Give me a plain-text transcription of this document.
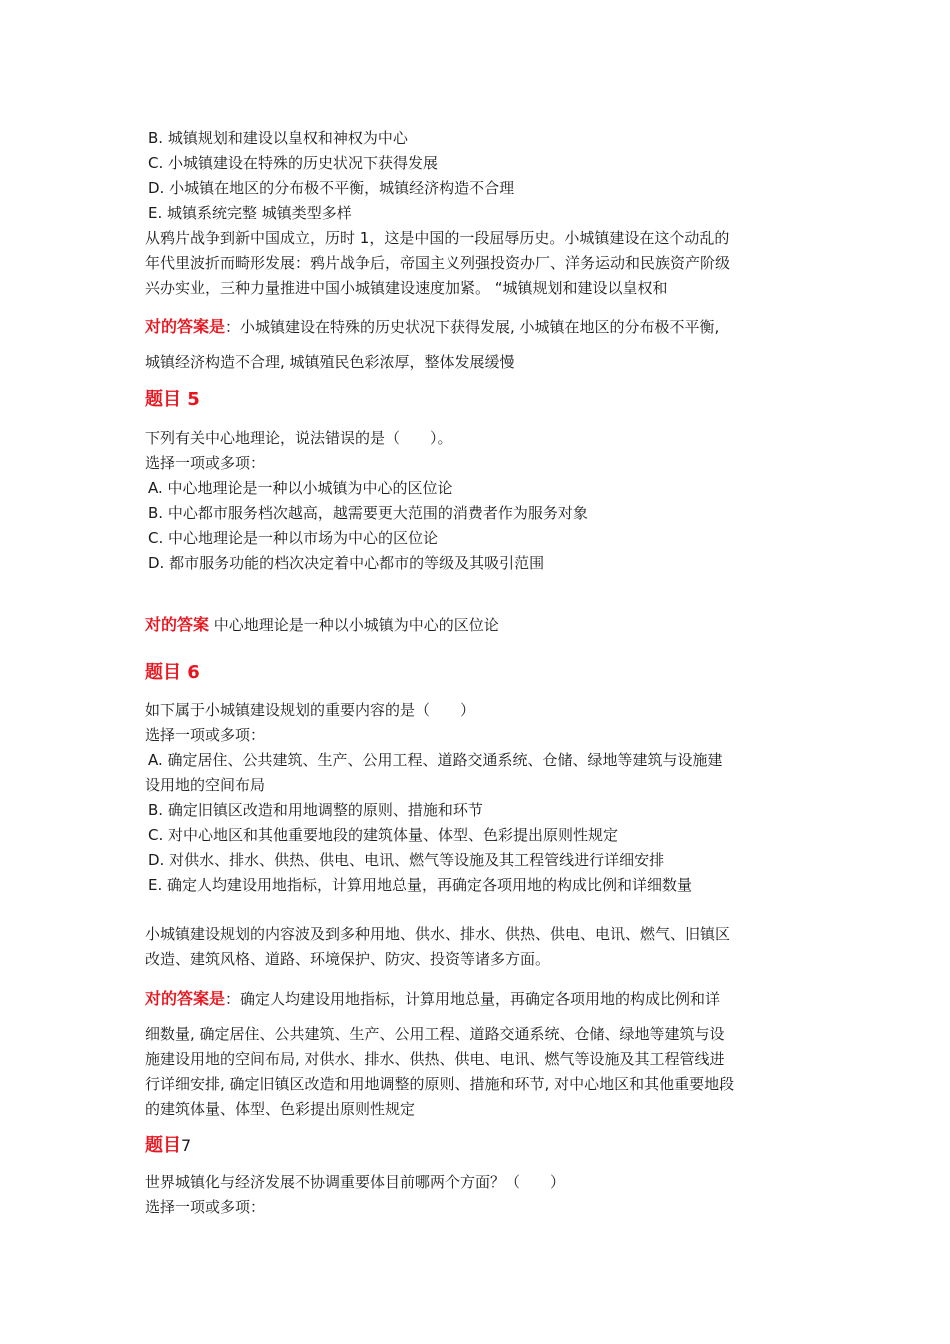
B. 城镇规划和建设以皇权和神权为中心
C. 小城镇建设在特殊的历史状况下获得发展
D. 小城镇在地区的分布极不平衡，城镇经济构造不合理
E. 城镇系统完整 城镇类型多样
从鸦片战争到新中国成立，历时 1，这是中国的一段屈辱历史。小城镇建设在这个动乱的
年代里波折而畸形发展：鸦片战争后，帝国主义列强投资办厂、洋务运动和民族资产阶级
兴办实业，三种力量推进中国小城镇建设速度加紧。 “城镇规划和建设以皇权和
对的答案是：小城镇建设在特殊的历史状况下获得发展, 小城镇在地区的分布极不平衡,
城镇经济构造不合理, 城镇殖民色彩浓厚，整体发展缓慢
题目 5
下列有关中心地理论，说法错误的是（　　）。
选择一项或多项：
A. 中心地理论是一种以小城镇为中心的区位论
B. 中心都市服务档次越高，越需要更大范围的消费者作为服务对象
C. 中心地理论是一种以市场为中心的区位论
D. 都市服务功能的档次决定着中心都市的等级及其吸引范围
对的答案 中心地理论是一种以小城镇为中心的区位论
题目 6
如下属于小城镇建设规划的重要内容的是（　　）
选择一项或多项：
A. 确定居住、公共建筑、生产、公用工程、道路交通系统、仓储、绿地等建筑与设施建
设用地的空间布局
B. 确定旧镇区改造和用地调整的原则、措施和环节
C. 对中心地区和其他重要地段的建筑体量、体型、色彩提出原则性规定
D. 对供水、排水、供热、供电、电讯、燃气等设施及其工程管线进行详细安排
E. 确定人均建设用地指标，计算用地总量，再确定各项用地的构成比例和详细数量
小城镇建设规划的内容波及到多种用地、供水、排水、供热、供电、电讯、燃气、旧镇区
改造、建筑风格、道路、环境保护、防灾、投资等诸多方面。
对的答案是：确定人均建设用地指标，计算用地总量，再确定各项用地的构成比例和详
细数量, 确定居住、公共建筑、生产、公用工程、道路交通系统、仓储、绿地等建筑与设
施建设用地的空间布局, 对供水、排水、供热、供电、电讯、燃气等设施及其工程管线进
行详细安排, 确定旧镇区改造和用地调整的原则、措施和环节, 对中心地区和其他重要地段
的建筑体量、体型、色彩提出原则性规定
题目7
世界城镇化与经济发展不协调重要体目前哪两个方面？（　　）
选择一项或多项：
